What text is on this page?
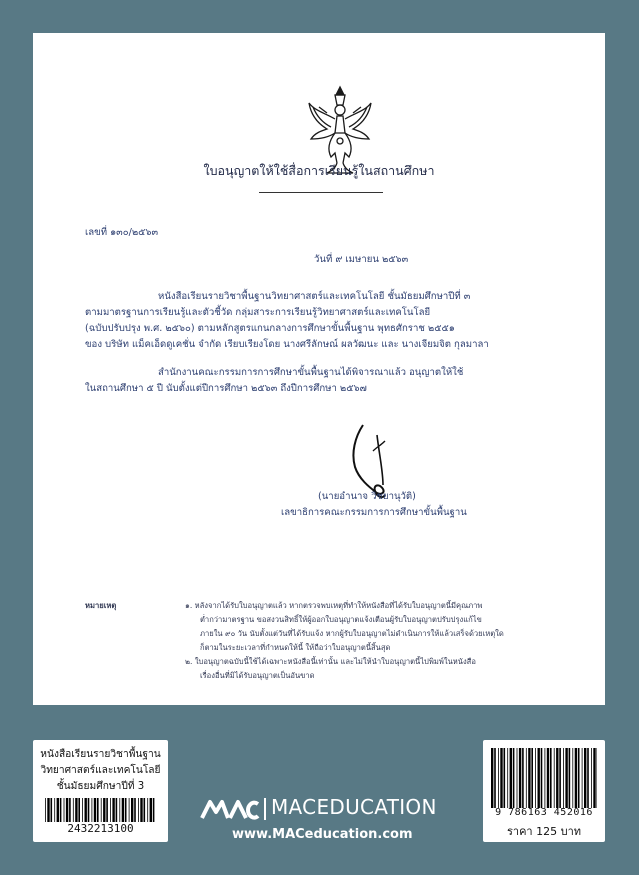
ใบอนุญาตให้ใช้สื่อการเรียนรู้ในสถานศึกษา
เลขที่ ๑๓๐/๒๕๖๓
วันที่ ๙ เมษายน ๒๕๖๓
หนังสือเรียนรายวิชาพื้นฐานวิทยาศาสตร์และเทคโนโลยี ชั้นมัธยมศึกษาปีที่ ๓
ตามมาตรฐานการเรียนรู้และตัวชี้วัด กลุ่มสาระการเรียนรู้วิทยาศาสตร์และเทคโนโลยี
(ฉบับปรับปรุง พ.ศ. ๒๕๖๐) ตามหลักสูตรแกนกลางการศึกษาขั้นพื้นฐาน พุทธศักราช ๒๕๕๑
ของ บริษัท แม็คเอ็ดดูเคชั่น จำกัด เรียบเรียงโดย นางศรีลักษณ์ ผลวัฒนะ และ นางเจียมจิต กุลมาลา
สำนักงานคณะกรรมการการศึกษาขั้นพื้นฐานได้พิจารณาแล้ว อนุญาตให้ใช้
ในสถานศึกษา ๕ ปี นับตั้งแต่ปีการศึกษา ๒๕๖๓ ถึงปีการศึกษา ๒๕๖๗
(นายอำนาจ วิชยานุวัติ)
เลขาธิการคณะกรรมการการศึกษาขั้นพื้นฐาน
หมายเหตุ	๑. หลังจากได้รับใบอนุญาตแล้ว หากตรวจพบเหตุที่ทำให้หนังสือที่ได้รับใบอนุญาตนี้มีคุณภาพ
ต่ำกว่ามาตรฐาน ขอสงวนสิทธิ์ให้ผู้ออกใบอนุญาตแจ้งเตือนผู้รับใบอนุญาตปรับปรุงแก้ไข
ภายใน ๙๐ วัน นับตั้งแต่วันที่ได้รับแจ้ง หากผู้รับใบอนุญาตไม่ดำเนินการให้แล้วเสร็จด้วยเหตุใด
ก็ตามในระยะเวลาที่กำหนดให้นี้ ให้ถือว่าใบอนุญาตนี้สิ้นสุด
๒. ใบอนุญาตฉบับนี้ใช้ได้เฉพาะหนังสือนี้เท่านั้น และไม่ให้นำใบอนุญาตนี้ไปพิมพ์ในหนังสือ
เรื่องอื่นที่มิได้รับอนุญาตเป็นอันขาด
หนังสือเรียนรายวิชาพื้นฐาน
วิทยาศาสตร์และเทคโนโลยี
ชั้นมัธยมศึกษาปีที่ 3
2432213100
MACEDUCATION
www.MACeducation.com
9 786163 452016
ราคา 125 บาท
